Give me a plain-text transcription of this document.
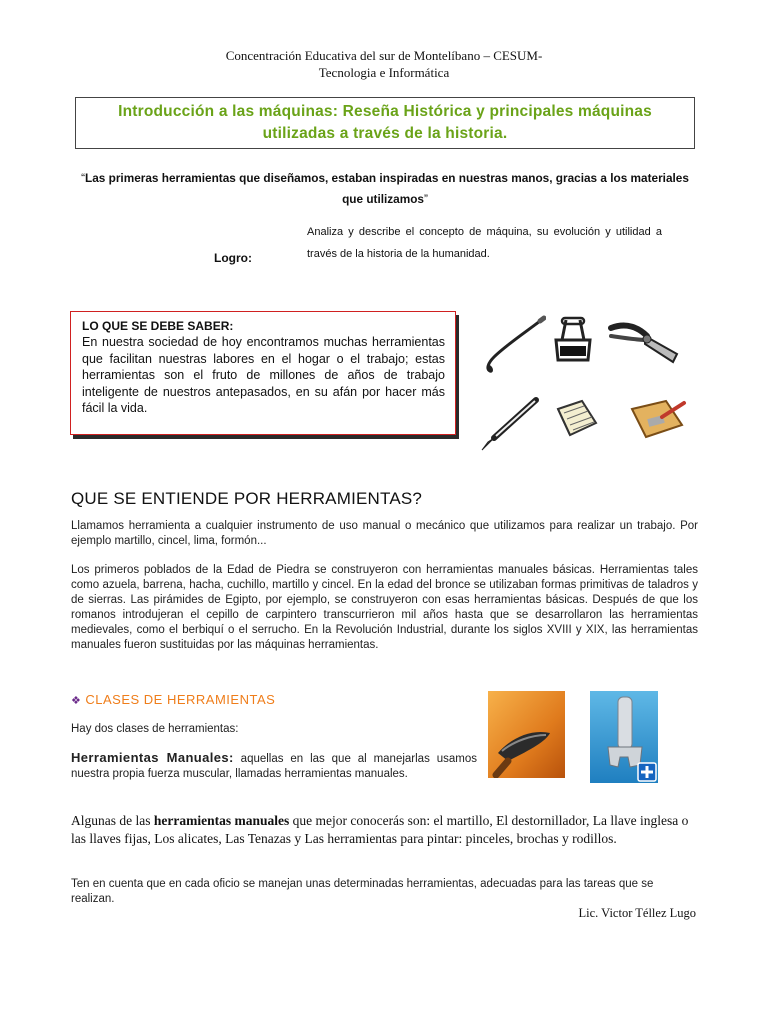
Concentración Educativa del sur de Montelíbano – CESUM-
Tecnologia e Informática
Introducción a las máquinas: Reseña Histórica y principales máquinas
utilizadas a través de la historia.
“Las primeras herramientas que diseñamos, estaban inspiradas en nuestras manos, gracias a los materiales que utilizamos”
Logro:
Analiza y describe el concepto de máquina, su evolución y utilidad a través de la historia de la humanidad.
LO QUE SE DEBE SABER:

En nuestra sociedad de hoy encontramos muchas herramientas que facilitan nuestras labores en el hogar o el trabajo; estas herramientas son el fruto de millones de años de trabajo inteligente de nuestros antepasados, en su afán por hacer más fácil la vida.

QUE SE ENTIENDE POR HERRAMIENTAS?
Llamamos herramienta a cualquier instrumento de uso manual o mecánico que utilizamos para realizar un trabajo. Por ejemplo martillo, cincel, lima, formón...
Los primeros poblados de la Edad de Piedra se construyeron con herramientas manuales básicas. Herramientas tales como azuela, barrena, hacha, cuchillo, martillo y cincel. En la edad del bronce se utilizaban formas primitivas de taladros y de sierras. Las pirámides de Egipto, por ejemplo, se construyeron con esas herramientas básicas. Después de que los romanos introdujeran el cepillo de carpintero transcurrieron mil años hasta que se desarrollaron las herramientas medievales, como el berbiquí o el serrucho. En la Revolución Industrial, durante los siglos XVIII y XIX, las herramientas manuales fueron sustituidas por las máquinas herramientas.
❖ CLASES DE HERRAMIENTAS
Hay dos clases de herramientas:
Herramientas Manuales: aquellas en las que al manejarlas usamos nuestra propia fuerza muscular, llamadas herramientas manuales.
Algunas de las herramientas manuales que mejor conocerás son: el martillo, El destornillador, La llave inglesa o las llaves fijas, Los alicates, Las Tenazas y Las herramientas para pintar: pinceles, brochas y rodillos.
Ten en cuenta que en cada oficio se manejan unas determinadas herramientas, adecuadas para las tareas que se realizan.
Lic. Victor Téllez Lugo
